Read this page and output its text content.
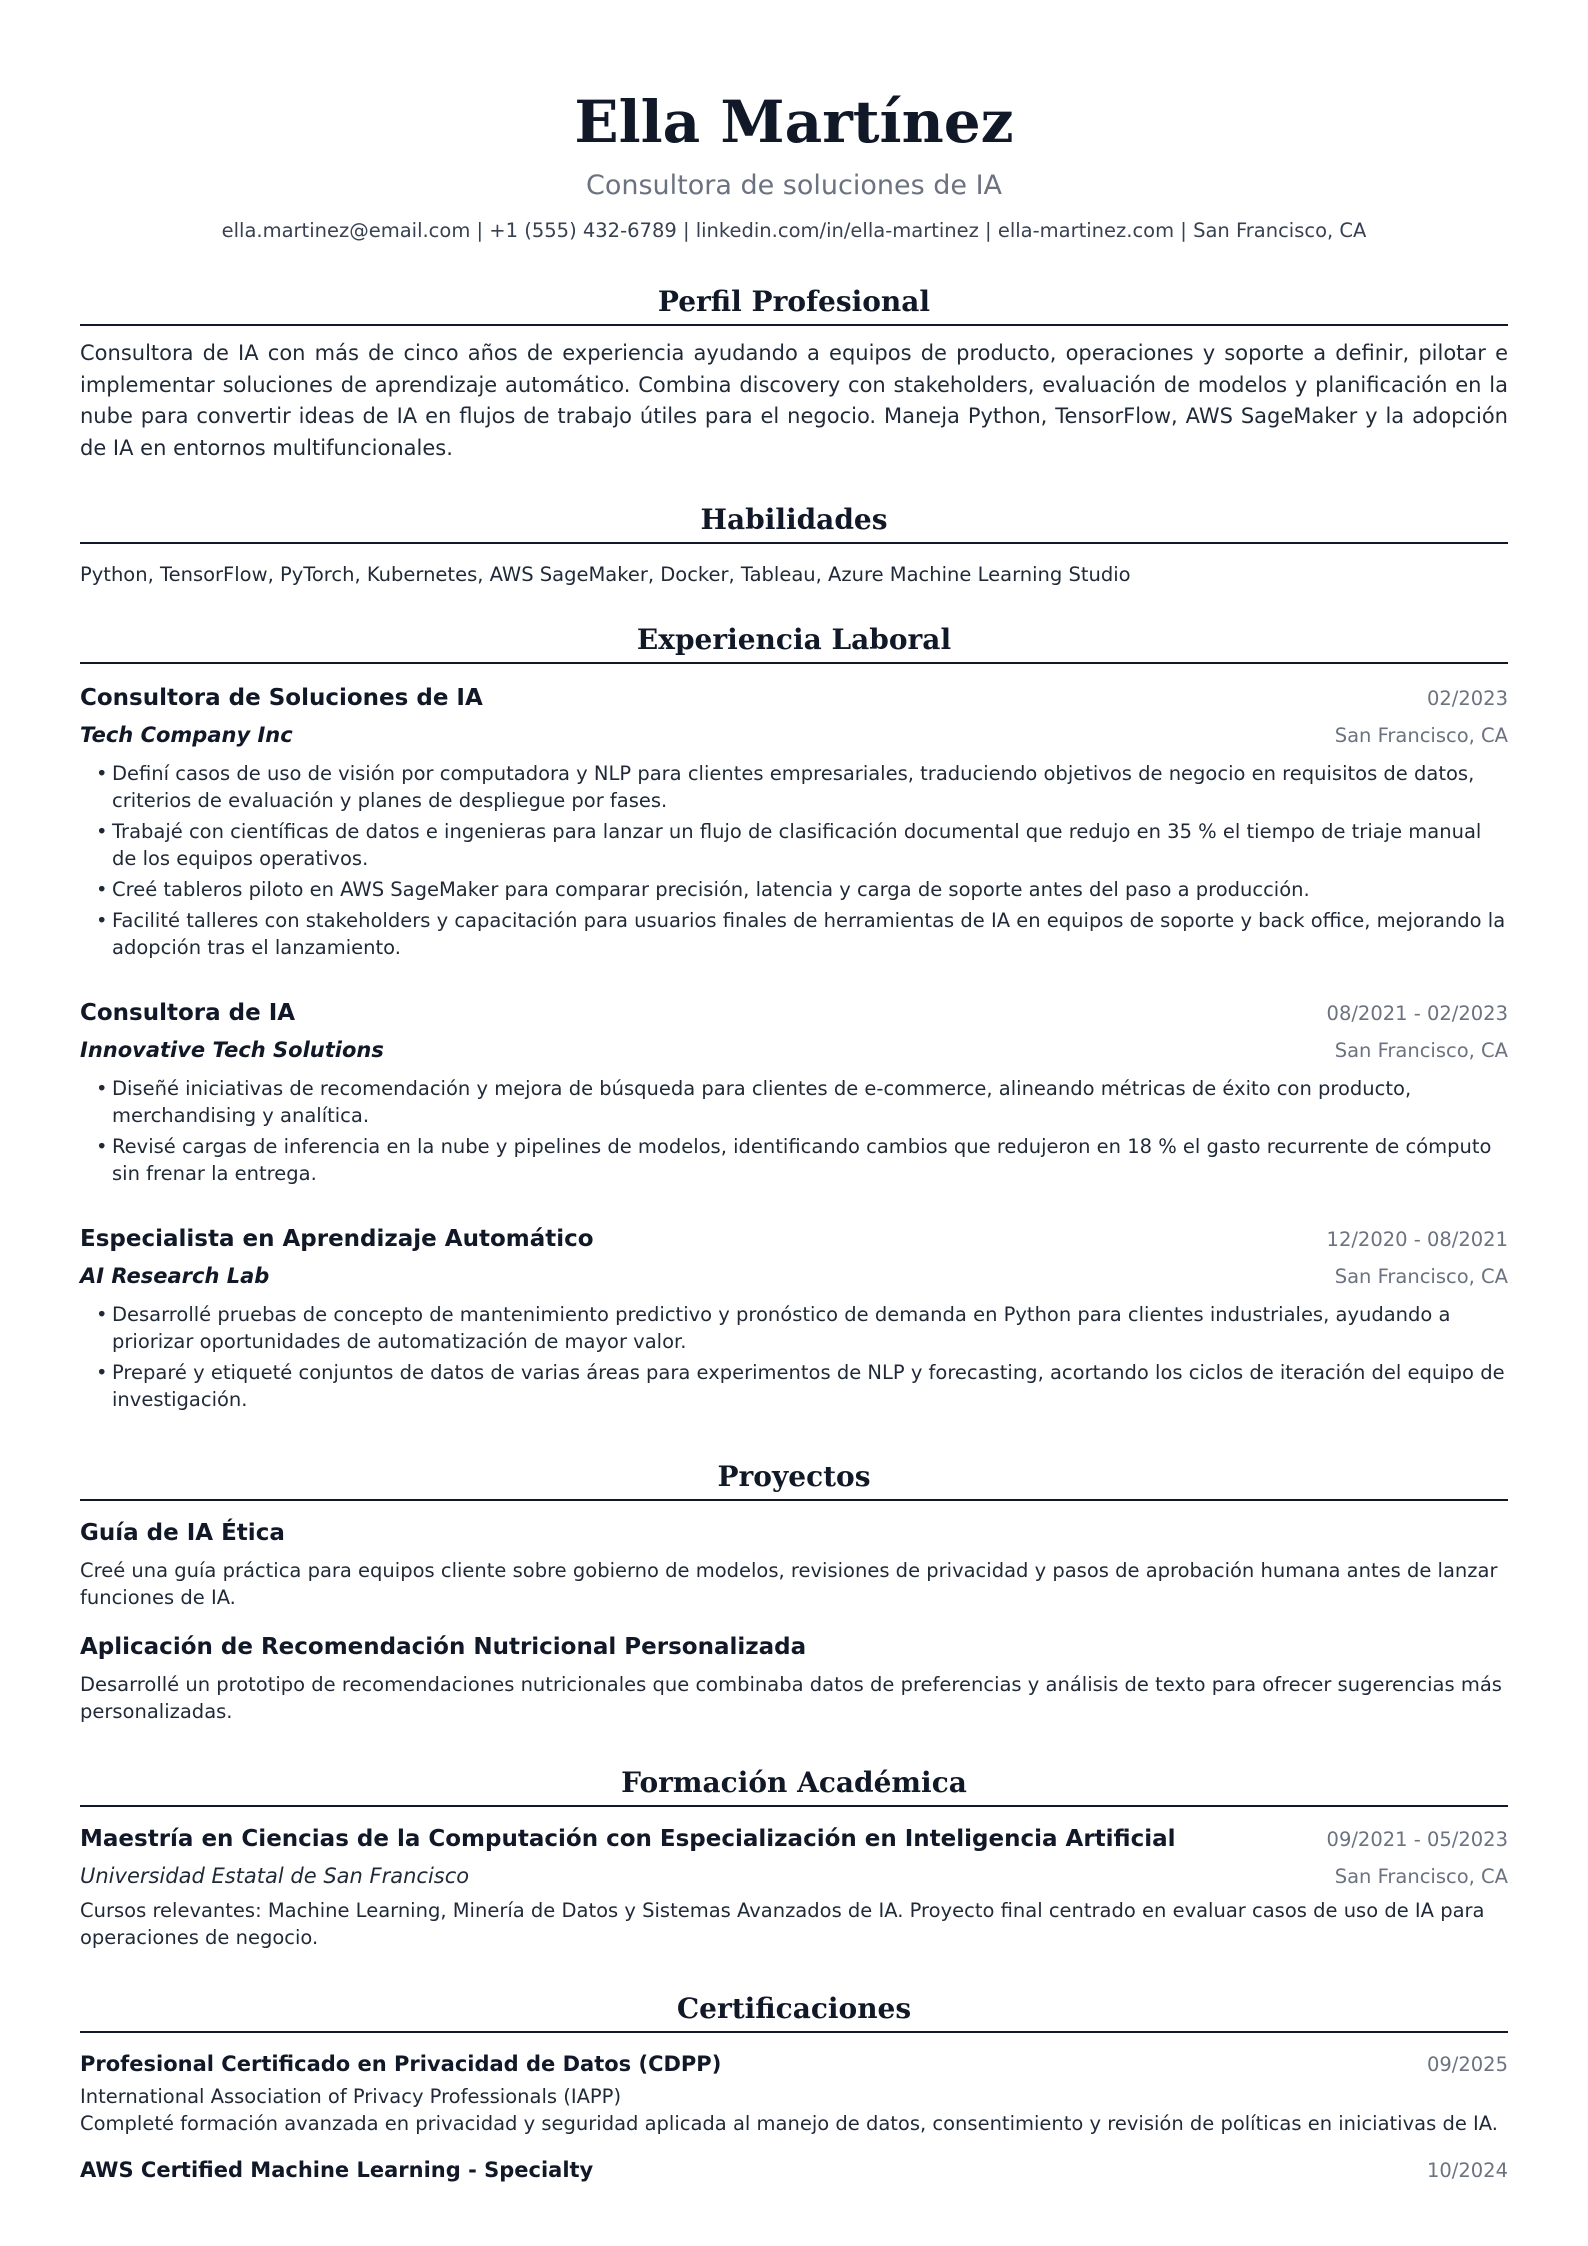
Ella Martínez
Consultora de soluciones de IA
ella.martinez@email.com | +1 (555) 432-6789 | linkedin.com/in/ella-martinez | ella-martinez.com | San Francisco, CA
Perfil Profesional
Consultora de IA con más de cinco años de experiencia ayudando a equipos de producto, operaciones y soporte a definir, pilotar e implementar soluciones de aprendizaje automático. Combina discovery con stakeholders, evaluación de modelos y planificación en la nube para convertir ideas de IA en flujos de trabajo útiles para el negocio. Maneja Python, TensorFlow, AWS SageMaker y la adopción de IA en entornos multifuncionales.
Habilidades
Python, TensorFlow, PyTorch, Kubernetes, AWS SageMaker, Docker, Tableau, Azure Machine Learning Studio
Experiencia Laboral
Consultora de Soluciones de IA	02/2023
Tech Company Inc	San Francisco, CA
• Definí casos de uso de visión por computadora y NLP para clientes empresariales, traduciendo objetivos de negocio en requisitos de datos, criterios de evaluación y planes de despliegue por fases.
• Trabajé con científicas de datos e ingenieras para lanzar un flujo de clasificación documental que redujo en 35 % el tiempo de triaje manual de los equipos operativos.
• Creé tableros piloto en AWS SageMaker para comparar precisión, latencia y carga de soporte antes del paso a producción.
• Facilité talleres con stakeholders y capacitación para usuarios finales de herramientas de IA en equipos de soporte y back office, mejorando la adopción tras el lanzamiento.
Consultora de IA	08/2021 - 02/2023
Innovative Tech Solutions	San Francisco, CA
• Diseñé iniciativas de recomendación y mejora de búsqueda para clientes de e-commerce, alineando métricas de éxito con producto, merchandising y analítica.
• Revisé cargas de inferencia en la nube y pipelines de modelos, identificando cambios que redujeron en 18 % el gasto recurrente de cómputo sin frenar la entrega.
Especialista en Aprendizaje Automático	12/2020 - 08/2021
AI Research Lab	San Francisco, CA
• Desarrollé pruebas de concepto de mantenimiento predictivo y pronóstico de demanda en Python para clientes industriales, ayudando a priorizar oportunidades de automatización de mayor valor.
• Preparé y etiqueté conjuntos de datos de varias áreas para experimentos de NLP y forecasting, acortando los ciclos de iteración del equipo de investigación.
Proyectos
Guía de IA Ética
Creé una guía práctica para equipos cliente sobre gobierno de modelos, revisiones de privacidad y pasos de aprobación humana antes de lanzar funciones de IA.
Aplicación de Recomendación Nutricional Personalizada
Desarrollé un prototipo de recomendaciones nutricionales que combinaba datos de preferencias y análisis de texto para ofrecer sugerencias más personalizadas.
Formación Académica
Maestría en Ciencias de la Computación con Especialización en Inteligencia Artificial	09/2021 - 05/2023
Universidad Estatal de San Francisco	San Francisco, CA
Cursos relevantes: Machine Learning, Minería de Datos y Sistemas Avanzados de IA. Proyecto final centrado en evaluar casos de uso de IA para operaciones de negocio.
Certificaciones
Profesional Certificado en Privacidad de Datos (CDPP)	09/2025
International Association of Privacy Professionals (IAPP)
Completé formación avanzada en privacidad y seguridad aplicada al manejo de datos, consentimiento y revisión de políticas en iniciativas de IA.
AWS Certified Machine Learning - Specialty	10/2024
